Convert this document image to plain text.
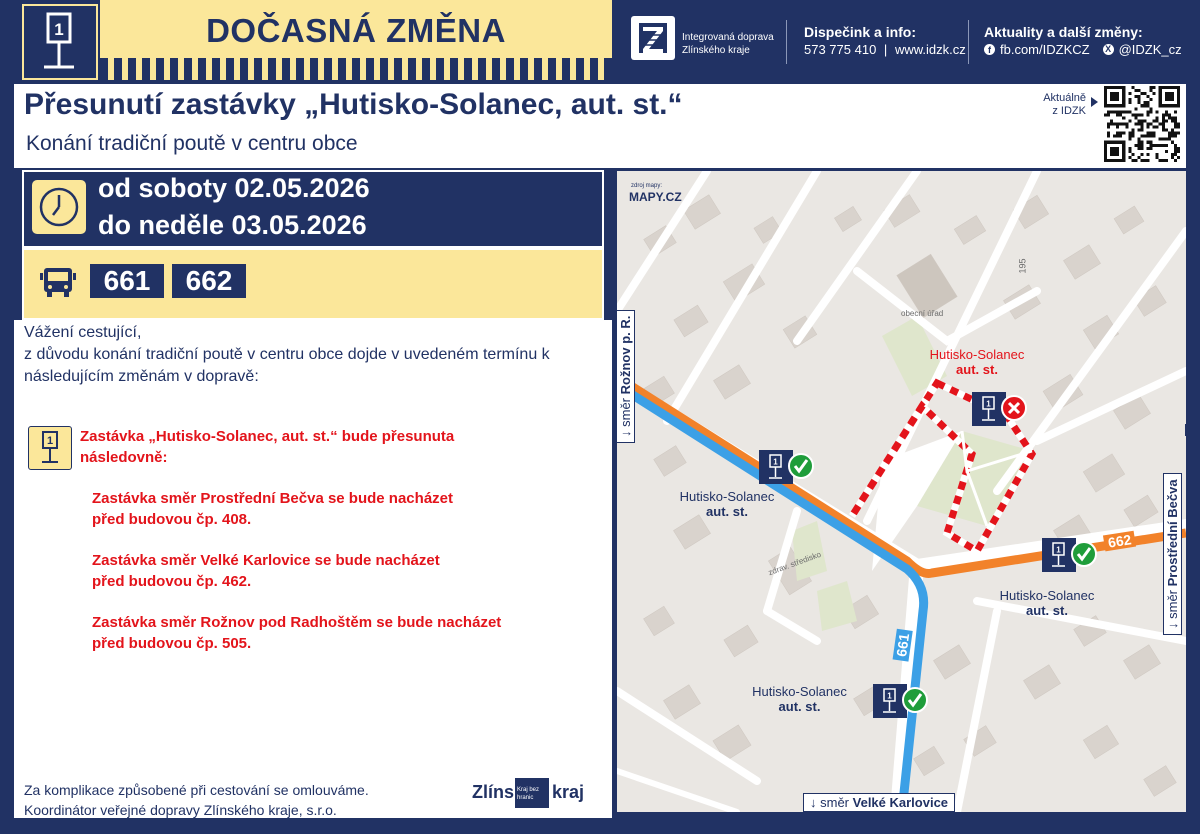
1	DOČASNÁ ZMĚNA	Integrovaná doprava
Zlínského kraje
Dispečink a info:
573 775 410 | www.idzk.cz
Aktuality a další změny:
f fb.com/IDZKCZ X @IDZK_cz
Přesunutí zastávky „Hutisko-Solanec, aut. st.“
Konání tradiční poutě v centru obce
Aktuálně
z IDZK
od soboty 02.05.2026
do neděle 03.05.2026
661	662
Vážení cestující,
z důvodu konání tradiční poutě v centru obce dojde v uvedeném termínu k následujícím změnám v dopravě:
1 Zastávka „Hutisko-Solanec, aut. st.“ bude přesunuta následovně:
Zastávka směr Prostřední Bečva se bude nacházet
před budovou čp. 408.
Zastávka směr Velké Karlovice se bude nacházet
před budovou čp. 462.
Zastávka směr Rožnov pod Radhoštěm se bude nacházet
před budovou čp. 505.
Za komplikace způsobené při cestování se omlouváme.
Koordinátor veřejné dopravy Zlínského kraje, s.r.o.
Zlíns Kraj bez
hranic	kraj
zdroj mapy:
MAPY.CZ
obecní úřad
zdrav. středisko
195
Hutisko-Solanec
aut. st.
1
1
Hutisko-Solanec
aut. st.
1
Hutisko-Solanec
aut. st.
1
Hutisko-Solanec
aut. st.
662
661
↓ směr Rožnov p. R.
↓ směr Prostřední Bečva
↓ směr Velké Karlovice
